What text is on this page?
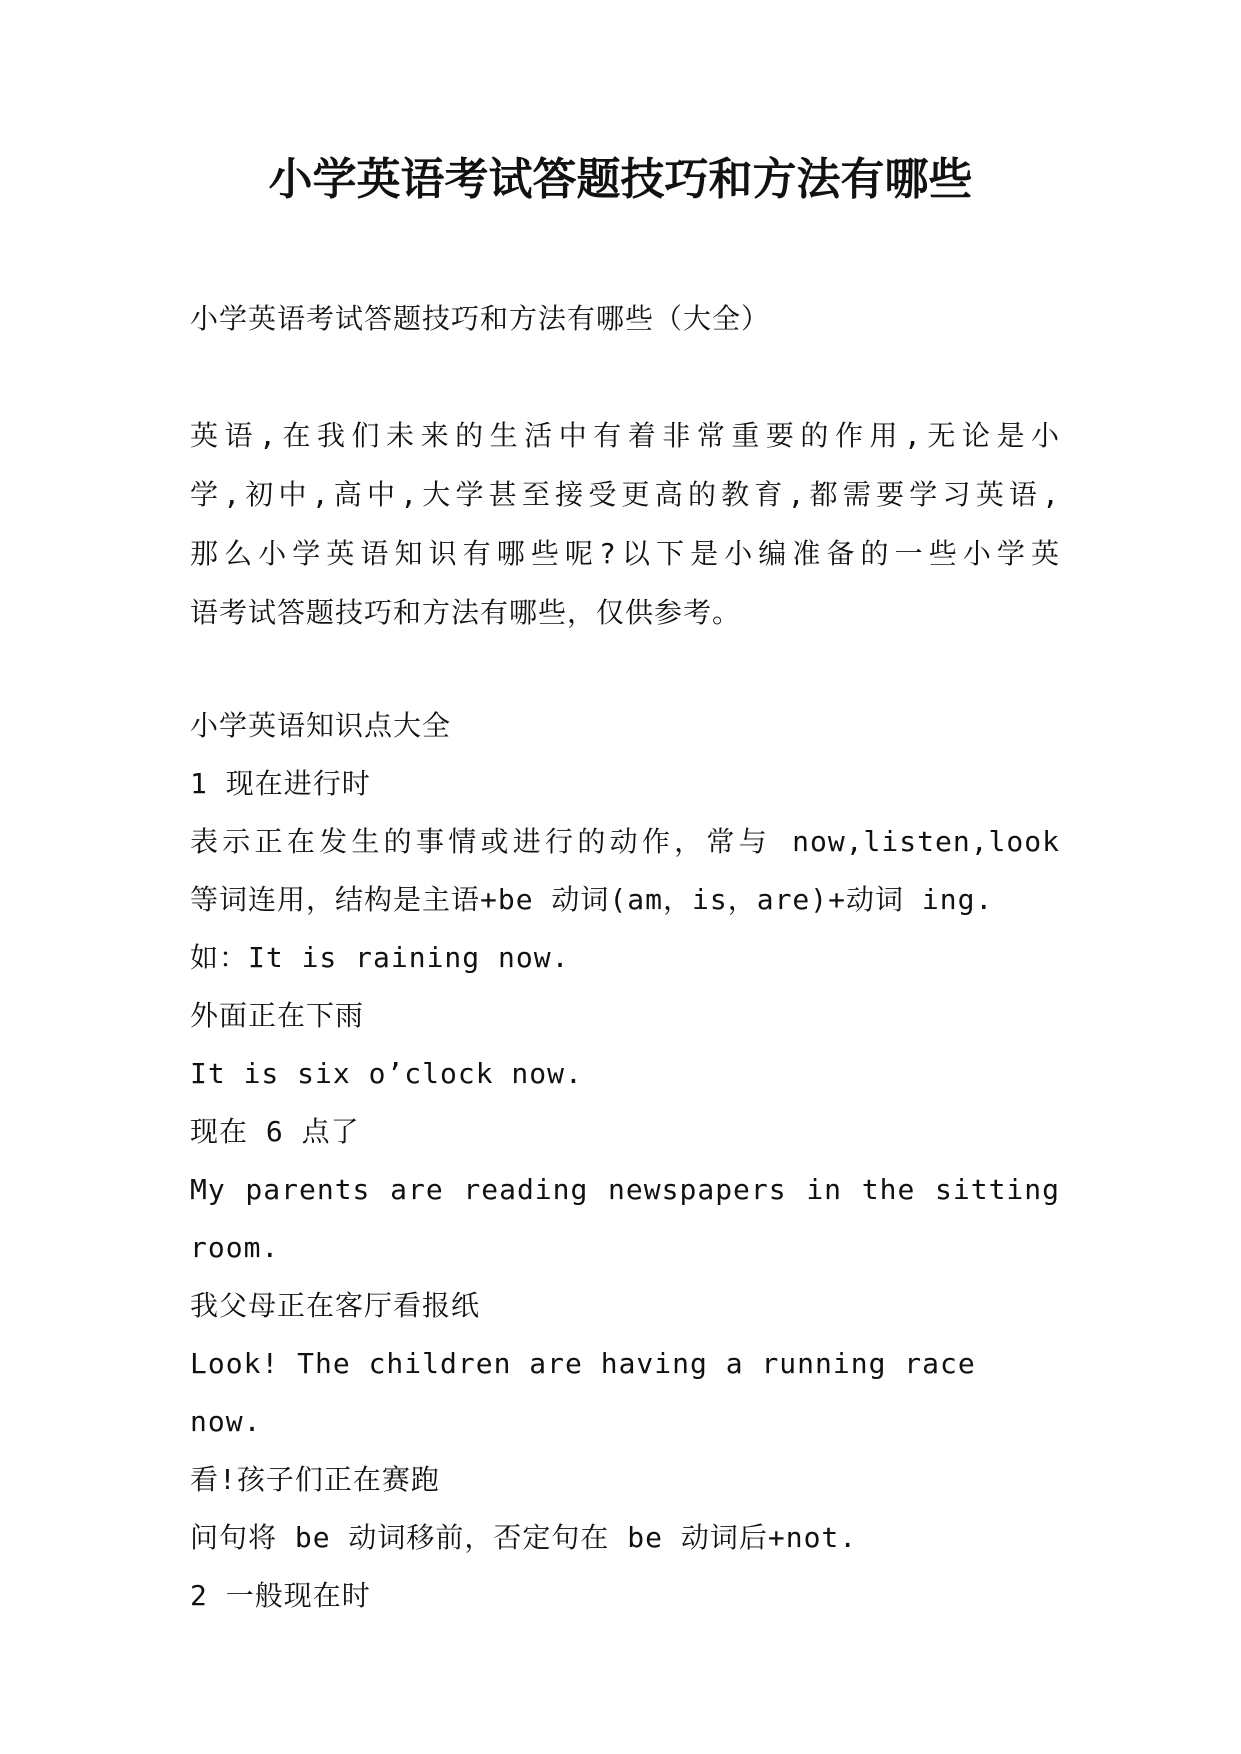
小学英语考试答题技巧和方法有哪些

小学英语考试答题技巧和方法有哪些（大全）

英语,在我们未来的生活中有着非常重要的作用,无论是小

学,初中,高中,大学甚至接受更高的教育,都需要学习英语,

那么小学英语知识有哪些呢?以下是小编准备的一些小学英

语考试答题技巧和方法有哪些，仅供参考。

小学英语知识点大全

1 现在进行时

表示正在发生的事情或进行的动作，常与 now,listen,look

等词连用，结构是主语+be 动词(am，is，are)+动词 ing.

如：It is raining now.

外面正在下雨

It is six o’clock now.

现在 6 点了

My parents are reading newspapers in the sitting

room.

我父母正在客厅看报纸

Look! The children are having a running race now.

看!孩子们正在赛跑

问句将 be 动词移前，否定句在 be 动词后+not.

2 一般现在时
